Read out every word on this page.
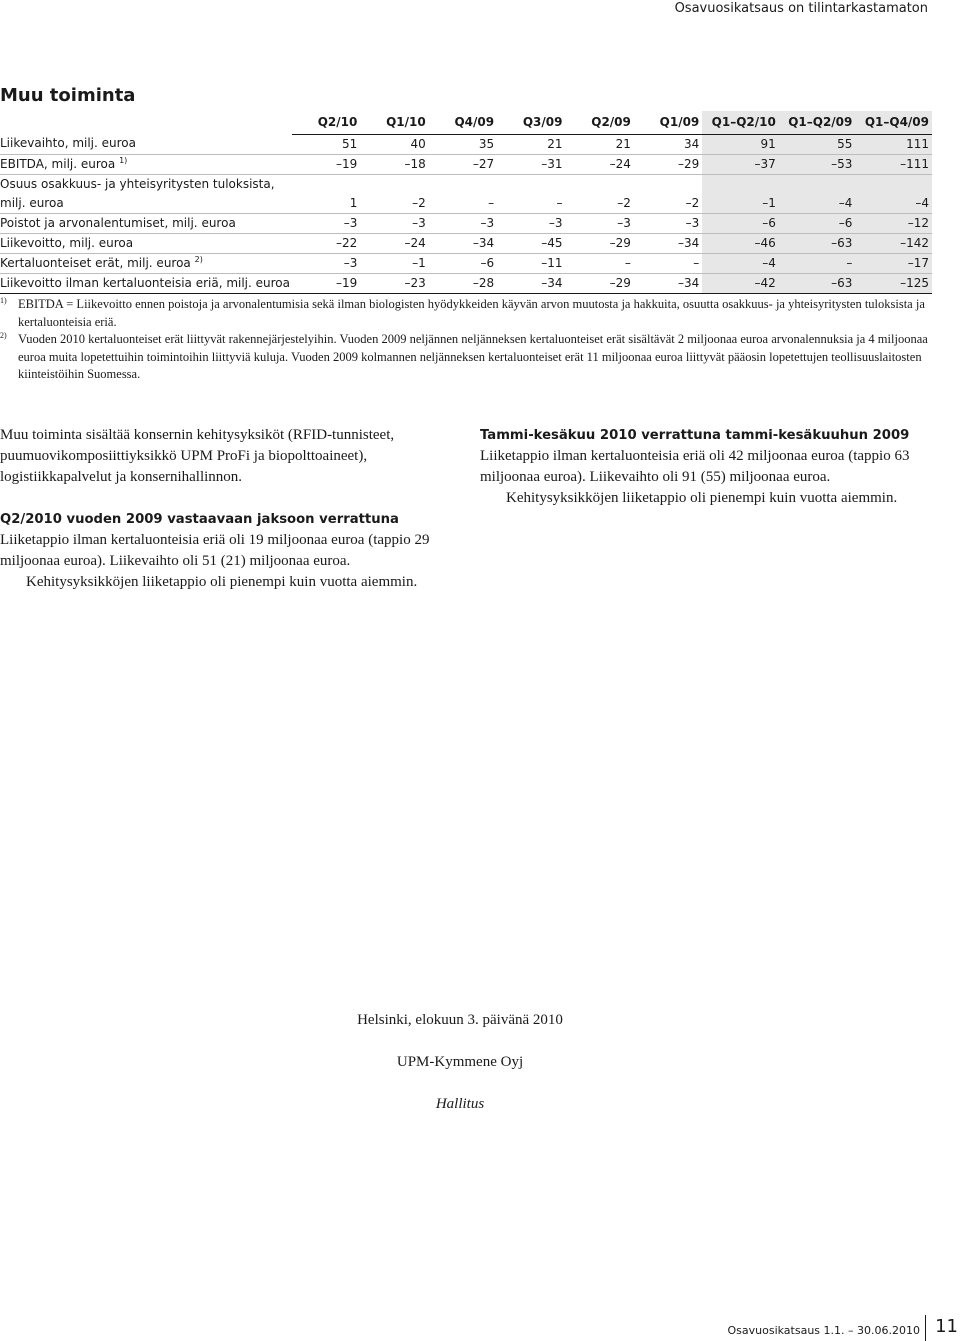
Osavuosikatsaus on tilintarkastamaton
Muu toiminta
	Q2/10	Q1/10	Q4/09	Q3/09	Q2/09	Q1/09	Q1–Q2/10	Q1–Q2/09	Q1–Q4/09
Liikevaihto, milj. euroa	51	40	35	21	21	34	91	55	111
EBITDA, milj. euroa $^{1)}$	–19	–18	–27	–31	–24	–29	–37	–53	–111
Osuus osakkuus- ja yhteisyritysten tuloksista,									
milj. euroa	1	–2	–	–	–2	–2	–1	–4	–4
Poistot ja arvonalentumiset, milj. euroa	–3	–3	–3	–3	–3	–3	–6	–6	–12
Liikevoitto, milj. euroa	–22	–24	–34	–45	–29	–34	–46	–63	–142
Kertaluonteiset erät, milj. euroa $^{2)}$	–3	–1	–6	–11	–	–	–4	–	–17
Liikevoitto ilman kertaluonteisia eriä, milj. euroa	–19	–23	–28	–34	–29	–34	–42	–63	–125
1) EBITDA = Liikevoitto ennen poistoja ja arvonalentumisia sekä ilman biologisten hyödykkeiden käyvän arvon muutosta ja hakkuita, osuutta osakkuus- ja yhteisyritysten tuloksista ja kertaluonteisia eriä.
2) Vuoden 2010 kertaluonteiset erät liittyvät rakennejärjestelyihin. Vuoden 2009 neljännen neljänneksen kertaluonteiset erät sisältävät 2 miljoonaa euroa arvonalennuksia ja 4 miljoonaa euroa muita lopetettuihin toimintoihin liittyviä kuluja. Vuoden 2009 kolmannen neljänneksen kertaluonteiset erät 11 miljoonaa euroa liittyvät pääosin lopetettujen teollisuuslaitosten kiinteistöihin Suomessa.

Muu toiminta sisältää konsernin kehitysyksiköt (RFID-tunnisteet, puumuovikomposiittiyksikkö UPM ProFi ja biopolttoaineet), logistiikkapalvelut ja konsernihallinnon.

Q2/2010 vuoden 2009 vastaavaan jaksoon verrattuna

Liiketappio ilman kertaluonteisia eriä oli 19 miljoonaa euroa (tappio 29 miljoonaa euroa). Liikevaihto oli 51 (21) miljoonaa euroa.

Kehitysyksikköjen liiketappio oli pienempi kuin vuotta aiemmin.

Tammi-kesäkuu 2010 verrattuna tammi-kesäkuuhun 2009

Liiketappio ilman kertaluonteisia eriä oli 42 miljoonaa euroa (tappio 63 miljoonaa euroa). Liikevaihto oli 91 (55) miljoonaa euroa.

Kehitysyksikköjen liiketappio oli pienempi kuin vuotta aiemmin.

Helsinki, elokuun 3. päivänä 2010
UPM-Kymmene Oyj
Hallitus
Osavuosikatsaus 1.1. – 30.06.2010 11
